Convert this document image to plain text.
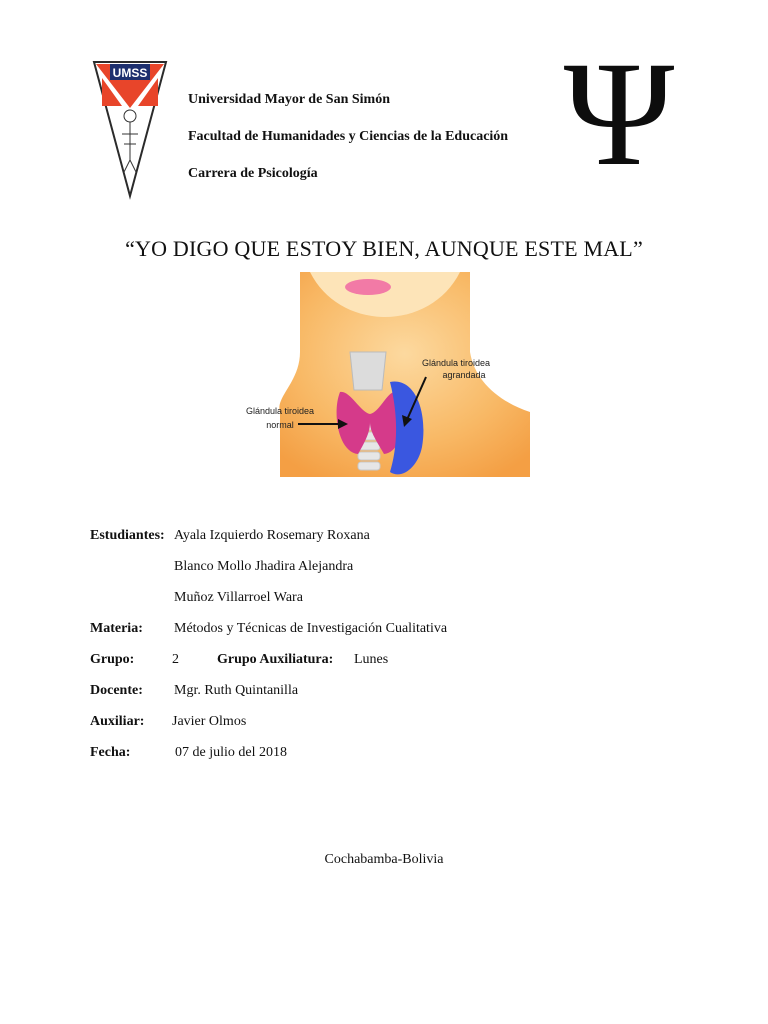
UMSS
Universidad Mayor de San Simón
Facultad de Humanidades y Ciencias de la Educación
Carrera de Psicología Ψ
“YO DIGO QUE ESTOY BIEN, AUNQUE ESTE MAL”
Glándula tiroidea
agrandada
Glándula tiroidea
normal
Estudiantes: Ayala Izquierdo Rosemary Roxana
Blanco Mollo Jhadira Alejandra
Muñoz Villarroel Wara
Materia: Métodos y Técnicas de Investigación Cualitativa
Grupo:	2	Grupo Auxiliatura: Lunes
Docente: Mgr. Ruth Quintanilla
Auxiliar: Javier Olmos
Fecha:	07 de julio del 2018
Cochabamba-Bolivia
